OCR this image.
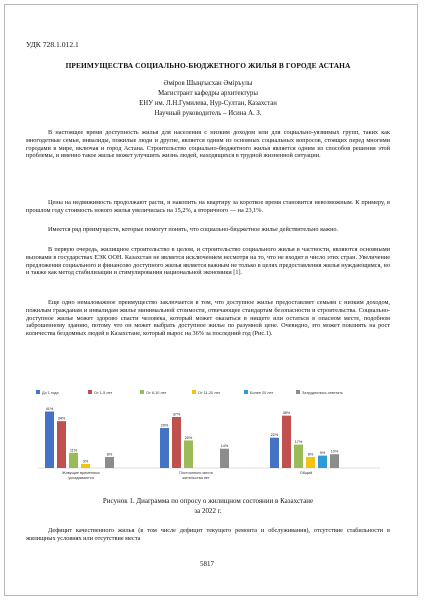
УДК 728.1.012.1
ПРЕИМУЩЕСТВА СОЦИАЛЬНО-БЮДЖЕТНОГО ЖИЛЬЯ В ГОРОДЕ АСТАНА
Әміров Шыңғысхан Әміръулы
Магистрант кафедры архитектуры
ЕНУ им. Л.Н.Гумилева, Нур-Султан, Казахстан
Научный руководитель – Исина А. З.

В настоящее время доступность жилья для населения с низким доходом или для социально-уязвимых групп, таких как многодетные семьи, инвалиды, пожилые люди и другие, является одним из основных социальных вопросов, стоящих перед многими городами в мире, включая и город Астана. Строительство социально-бюджетного жилья является одним из способов решения этой проблемы, и именно такое жилье может улучшить жизнь людей, находящихся в трудной жизненной ситуации.

Цены на недвижимость продолжают расти, и накопить на квартиру за короткое время становится невозможным. К примеру, в прошлом году стоимость нового жилья увеличилась на 15,2%, а вторичного — на 23,1%.

Имеется ряд преимуществ, которые помогут понять, что социально-бюджетное жилье действительно важно.

В первую очередь, жилищное строительство в целом, и строительство социального жилья в частности, являются основными вызовами в государствах ЕЭК ООН. Казахстан не является исключением несмотря на то, что не входит в число этих стран. Увеличение предложения социального и финансово доступного жилья является важным не только в целях предоставления жилья нуждающимся, но и также как метод стабилизации и стимулирования национальной экономики [1].

Еще одно немаловажное преимущество заключается в том, что доступное жилье предоставляет семьям с низким доходом, пожилым гражданам и инвалидам жилье минимальной стоимости, отвечающее стандартам безопасности и строительства. Социально-доступное жилье может здорово спасти человека, который может оказаться в нищете или остаться в опасном месте, подобном заброшенному зданию, потому что он может выбрать доступное жилье по разумной цене. Очевидно, это может повлиять на рост количества бездомных людей в Казахстане, который вырос на 36% за последний год (Рис.1).

До 1 года	От 1-5 лет	От 6-10 лет	От 11-20 лет	Более 20 лет	Затруднились ответить
41%
34%
11%
3%
8%
Живущие временных
укладываются
29%
37%
20%
14%
Постоянного места
жительства нет
22%
38%
17%
8% 9% 10%
Общий
Рисунок 1. Диаграмма по опросу о жилищном состоянии в Казахстане
за 2022 г.

Дефицит качественного жилья (в том числе дефицит текущего ремонта и обслуживания), отсутствие стабильности в жилищных условиях или отсутствие места

5817
